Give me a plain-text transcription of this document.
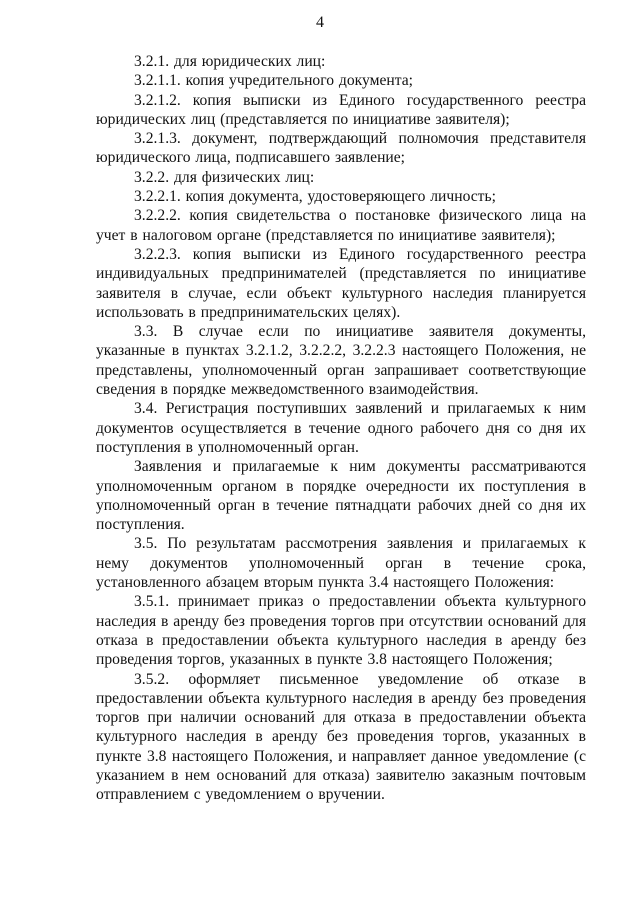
4

3.2.1. для юридических лиц:

3.2.1.1. копия учредительного документа;

3.2.1.2. копия выписки из Единого государственного реестра юридических лиц (представляется по инициативе заявителя);

3.2.1.3. документ, подтверждающий полномочия представителя юридического лица, подписавшего заявление;

3.2.2. для физических лиц:

3.2.2.1. копия документа, удостоверяющего личность;

3.2.2.2. копия свидетельства о постановке физического лица на учет в налоговом органе (представляется по инициативе заявителя);

3.2.2.3. копия выписки из Единого государственного реестра индивидуальных предпринимателей (представляется по инициативе заявителя в случае, если объект культурного наследия планируется использовать в предпринимательских целях).

3.3. В случае если по инициативе заявителя документы, указанные в пунктах 3.2.1.2, 3.2.2.2, 3.2.2.3 настоящего Положения, не представлены, уполномоченный орган запрашивает соответствующие сведения в порядке межведомственного взаимодействия.

3.4. Регистрация поступивших заявлений и прилагаемых к ним документов осуществляется в течение одного рабочего дня со дня их поступления в уполномоченный орган.

Заявления и прилагаемые к ним документы рассматриваются уполномоченным органом в порядке очередности их поступления в уполномоченный орган в течение пятнадцати рабочих дней со дня их поступления.

3.5. По результатам рассмотрения заявления и прилагаемых к нему документов уполномоченный орган в течение срока, установленного абзацем вторым пункта 3.4 настоящего Положения:

3.5.1. принимает приказ о предоставлении объекта культурного наследия в аренду без проведения торгов при отсутствии оснований для отказа в предоставлении объекта культурного наследия в аренду без проведения торгов, указанных в пункте 3.8 настоящего Положения;

3.5.2. оформляет письменное уведомление об отказе в предоставлении объекта культурного наследия в аренду без проведения торгов при наличии оснований для отказа в предоставлении объекта культурного наследия в аренду без проведения торгов, указанных в пункте 3.8 настоящего Положения, и направляет данное уведомление (с указанием в нем оснований для отказа) заявителю заказным почтовым отправлением с уведомлением о вручении.
